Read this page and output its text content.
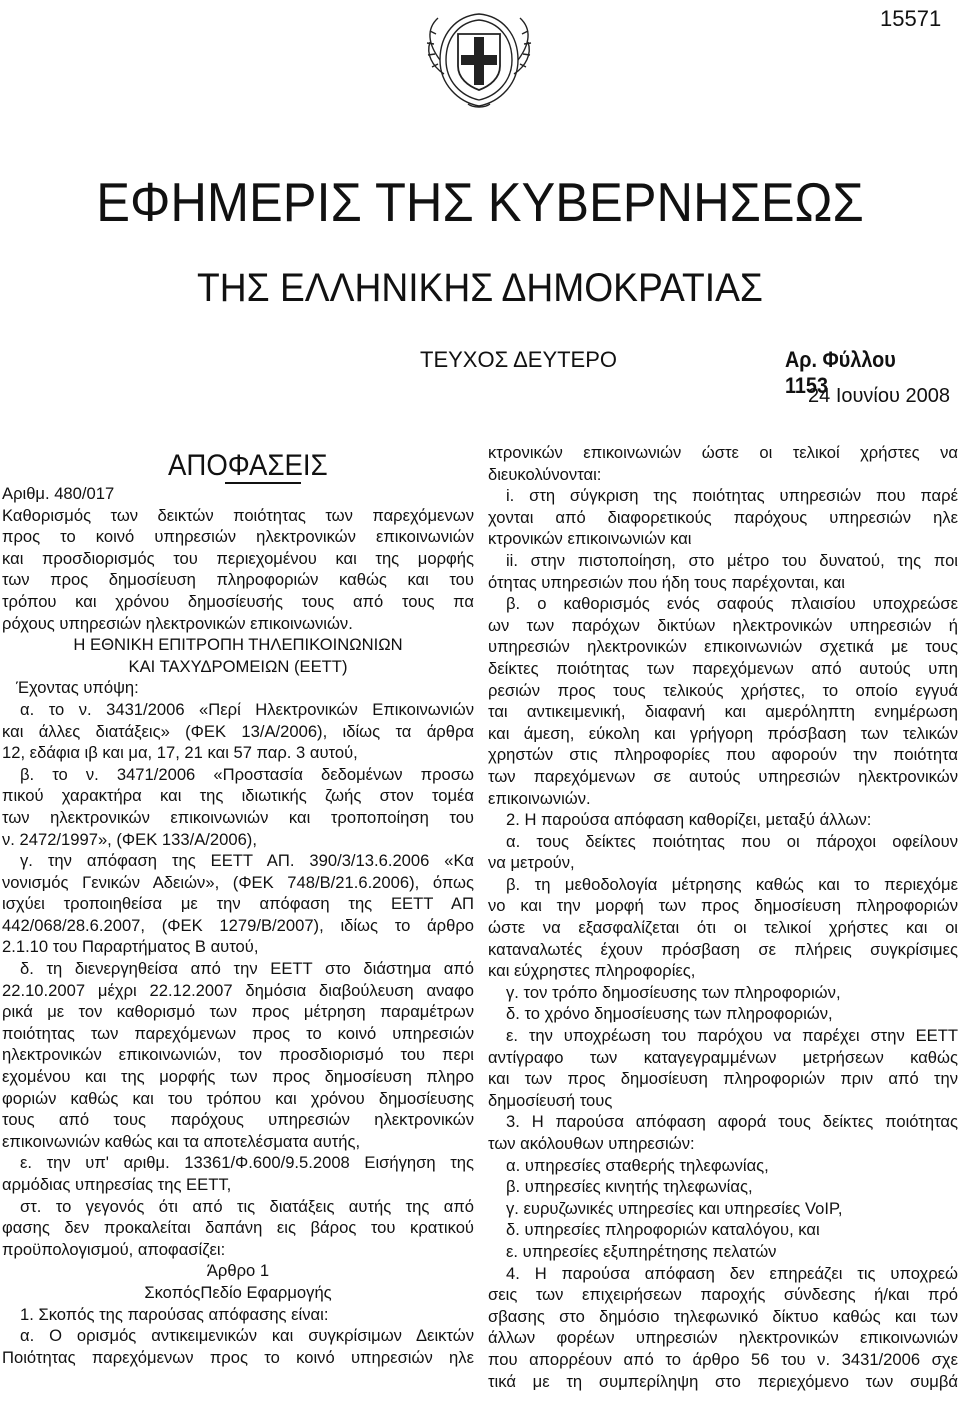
15571
ΕΦΗΜΕΡΙΣ ΤΗΣ ΚΥΒΕΡΝΗΣΕΩΣ
ΤΗΣ ΕΛΛΗΝΙΚΗΣ ΔΗΜΟΚΡΑΤΙΑΣ
ΤΕΥΧΟΣ ΔΕΥΤΕΡΟ	Αρ. Φύλλου 1153
24 Ιουνίου 2008
ΑΠΟΦΑΣΕΙΣ
Αριθμ. 480/017
Καθορισμός των δεικτών ποιότητας των παρεχόμενων
προς το κοινό υπηρεσιών ηλεκτρονικών επικοινωνιών
και προσδιορισμός του περιεχομένου και της μορφής
των προς δημοσίευση πληροφοριών καθώς και του
τρόπου και χρόνου δημοσίευσής τους από τους πα
ρόχους υπηρεσιών ηλεκτρονικών επικοινωνιών.
Η ΕΘΝΙΚΗ ΕΠΙΤΡΟΠΗ ΤΗΛΕΠΙΚΟΙΝΩΝΙΩΝ
ΚΑΙ ΤΑΧΥΔΡΟΜΕΙΩΝ (ΕΕΤΤ)
Έχοντας υπόψη:
α. το ν. 3431/2006 «Περί Ηλεκτρονικών Επικοινωνιών
και άλλες διατάξεις» (ΦΕΚ 13/Α/2006), ιδίως τα άρθρα
12, εδάφια ιβ και μα, 17, 21 και 57 παρ. 3 αυτού,
β. το ν. 3471/2006 «Προστασία δεδομένων προσω
πικού χαρακτήρα και της ιδιωτικής ζωής στον τομέα
των ηλεκτρονικών επικοινωνιών και τροποποίηση του
ν. 2472/1997», (ΦΕΚ 133/Α/2006),
γ. την απόφαση της ΕΕΤΤ ΑΠ. 390/3/13.6.2006 «Κα
νονισμός Γενικών Αδειών», (ΦΕΚ 748/Β/21.6.2006), όπως
ισχύει τροποιηθείσα με την απόφαση της ΕΕΤΤ ΑΠ
442/068/28.6.2007, (ΦΕΚ 1279/Β/2007), ιδίως το άρθρο
2.1.10 του Παραρτήματος Β αυτού,
δ. τη διενεργηθείσα από την ΕΕΤΤ στο διάστημα από
22.10.2007 μέχρι 22.12.2007 δημόσια διαβούλευση αναφο
ρικά με τον καθορισμό των προς μέτρηση παραμέτρων
ποιότητας των παρεχόμενων προς το κοινό υπηρεσιών
ηλεκτρονικών επικοινωνιών, τον προσδιορισμό του περι
εχομένου και της μορφής των προς δημοσίευση πληρο
φοριών καθώς και του τρόπου και χρόνου δημοσίευσης
τους από τους παρόχους υπηρεσιών ηλεκτρονικών
επικοινωνιών καθώς και τα αποτελέσματα αυτής,
ε. την υπ' αριθμ. 13361/Φ.600/9.5.2008 Εισήγηση της
αρμόδιας υπηρεσίας της ΕΕΤΤ,
στ. το γεγονός ότι από τις διατάξεις αυτής της από
φασης δεν προκαλείται δαπάνη εις βάρος του κρατικού
προϋπολογισμού, αποφασίζει:
Άρθρο 1
ΣκοπόςΠεδίο Εφαρμογής
1. Σκοπός της παρούσας απόφασης είναι:
α. Ο ορισμός αντικειμενικών και συγκρίσιμων Δεικτών
Ποιότητας παρεχόμενων προς το κοινό υπηρεσιών ηλε
κτρονικών επικοινωνιών ώστε οι τελικοί χρήστες να
διευκολύνονται:
i. στη σύγκριση της ποιότητας υπηρεσιών που παρέ
χονται από διαφορετικούς παρόχους υπηρεσιών ηλε
κτρονικών επικοινωνιών και
ii. στην πιστοποίηση, στο μέτρο του δυνατού, της ποι
ότητας υπηρεσιών που ήδη τους παρέχονται, και
β. ο καθορισμός ενός σαφούς πλαισίου υποχρεώσε
ων των παρόχων δικτύων ηλεκτρονικών υπηρεσιών ή
υπηρεσιών ηλεκτρονικών επικοινωνιών σχετικά με τους
δείκτες ποιότητας των παρεχόμενων από αυτούς υπη
ρεσιών προς τους τελικούς χρήστες, το οποίο εγγυά
ται αντικειμενική, διαφανή και αμερόληπτη ενημέρωση
και άμεση, εύκολη και γρήγορη πρόσβαση των τελικών
χρηστών στις πληροφορίες που αφορούν την ποιότητα
των παρεχόμενων σε αυτούς υπηρεσιών ηλεκτρονικών
επικοινωνιών.
2. Η παρούσα απόφαση καθορίζει, μεταξύ άλλων:
α. τους δείκτες ποιότητας που οι πάροχοι οφείλουν
να μετρούν,
β. τη μεθοδολογία μέτρησης καθώς και το περιεχόμε
νο και την μορφή των προς δημοσίευση πληροφοριών
ώστε να εξασφαλίζεται ότι οι τελικοί χρήστες και οι
καταναλωτές έχουν πρόσβαση σε πλήρεις συγκρίσιμες
και εύχρηστες πληροφορίες,
γ. τον τρόπο δημοσίευσης των πληροφοριών,
δ. το χρόνο δημοσίευσης των πληροφοριών,
ε. την υποχρέωση του παρόχου να παρέχει στην ΕΕΤΤ
αντίγραφο των καταγεγραμμένων μετρήσεων καθώς
και των προς δημοσίευση πληροφοριών πριν από την
δημοσίευσή τους
3. Η παρούσα απόφαση αφορά τους δείκτες ποιότητας
των ακόλουθων υπηρεσιών:
α. υπηρεσίες σταθερής τηλεφωνίας,
β. υπηρεσίες κινητής τηλεφωνίας,
γ. ευρυζωνικές υπηρεσίες και υπηρεσίες VoIP,
δ. υπηρεσίες πληροφοριών καταλόγου, και
ε. υπηρεσίες εξυπηρέτησης πελατών
4. Η παρούσα απόφαση δεν επηρεάζει τις υποχρεώ
σεις των επιχειρήσεων παροχής σύνδεσης ή/και πρό
σβασης στο δημόσιο τηλεφωνικό δίκτυο καθώς και των
άλλων φορέων υπηρεσιών ηλεκτρονικών επικοινωνιών
που απορρέουν από το άρθρο 56 του ν. 3431/2006 σχε
τικά με τη συμπερίληψη στο περιεχόμενο των συμβά
